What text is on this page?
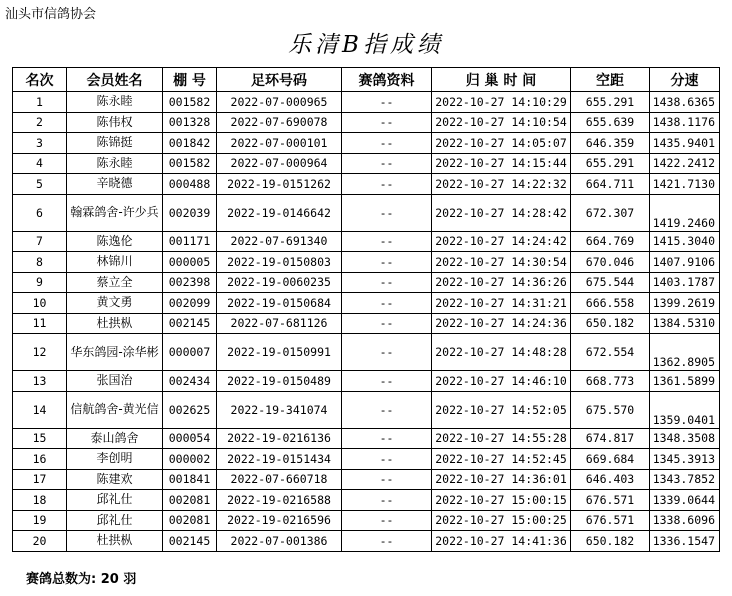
汕头市信鸽协会
乐清B指成绩
名次	会员姓名	棚 号	足环号码	赛鸽资料	归 巢 时 间	空距	分速
1	陈永睦	001582	2022-07-000965	--	2022-10-27 14:10:29	655.291	1438.6365
2	陈伟权	001328	2022-07-690078	--	2022-10-27 14:10:54	655.639	1438.1176
3	陈锦挺	001842	2022-07-000101	--	2022-10-27 14:05:07	646.359	1435.9401
4	陈永睦	001582	2022-07-000964	--	2022-10-27 14:15:44	655.291	1422.2412
5	辛晓德	000488	2022-19-0151262	--	2022-10-27 14:22:32	664.711	1421.7130
6	翰霖鸽舍-许少兵	002039	2022-19-0146642	--	2022-10-27 14:28:42	672.307	1419.2460
7	陈逸伦	001171	2022-07-691340	--	2022-10-27 14:24:42	664.769	1415.3040
8	林锦川	000005	2022-19-0150803	--	2022-10-27 14:30:54	670.046	1407.9106
9	蔡立全	002398	2022-19-0060235	--	2022-10-27 14:36:26	675.544	1403.1787
10	黄文勇	002099	2022-19-0150684	--	2022-10-27 14:31:21	666.558	1399.2619
11	杜拱枞	002145	2022-07-681126	--	2022-10-27 14:24:36	650.182	1384.5310
12	华东鸽园-涂华彬	000007	2022-19-0150991	--	2022-10-27 14:48:28	672.554	1362.8905
13	张国治	002434	2022-19-0150489	--	2022-10-27 14:46:10	668.773	1361.5899
14	信航鸽舍-黄光信	002625	2022-19-341074	--	2022-10-27 14:52:05	675.570	1359.0401
15	泰山鸽舍	000054	2022-19-0216136	--	2022-10-27 14:55:28	674.817	1348.3508
16	李创明	000002	2022-19-0151434	--	2022-10-27 14:52:45	669.684	1345.3913
17	陈建欢	001841	2022-07-660718	--	2022-10-27 14:36:01	646.403	1343.7852
18	邱礼仕	002081	2022-19-0216588	--	2022-10-27 15:00:15	676.571	1339.0644
19	邱礼仕	002081	2022-19-0216596	--	2022-10-27 15:00:25	676.571	1338.6096
20	杜拱枞	002145	2022-07-001386	--	2022-10-27 14:41:36	650.182	1336.1547
赛鸽总数为: 20 羽
